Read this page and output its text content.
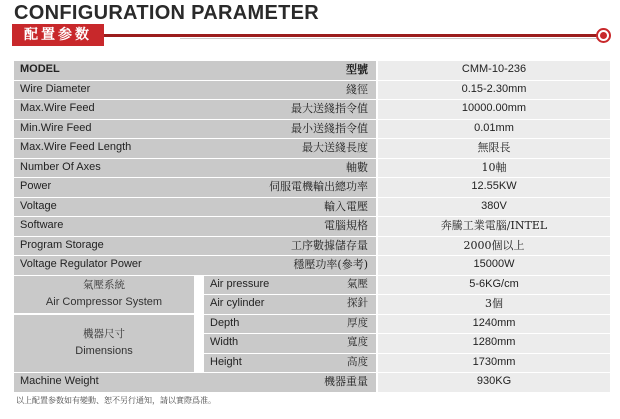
CONFIGURATION PARAMETER
配置参数
MODEL	型號	CMM-10-236
Wire Diameter	綫徑	0.15-2.30mm
Max.Wire Feed	最大送綫指令值	10000.00mm
Min.Wire Feed	最小送綫指令值	0.01mm
Max.Wire Feed Length	最大送綫長度	無限長
Number Of Axes	軸數	10軸
Power	伺服電機輸出總功率	12.55KW
Voltage	輸入電壓	380V
Software	電腦規格	奔騰工業電腦/INTEL
Program Storage	工序數據儲存量	2000個以上
Voltage Regulator Power	穩壓功率(參考)	15000W
氣壓系統
Air Compressor System
Air pressure	氣壓	5-6KG/cm
Air cylinder	探針	3個
機器尺寸
Dimensions
Depth	厚度	1240mm
Width	寬度	1280mm
Height	高度	1730mm
Machine Weight	機器重量	930KG
以上配置参数如有變動、恕不另行通知，請以實際爲准。
